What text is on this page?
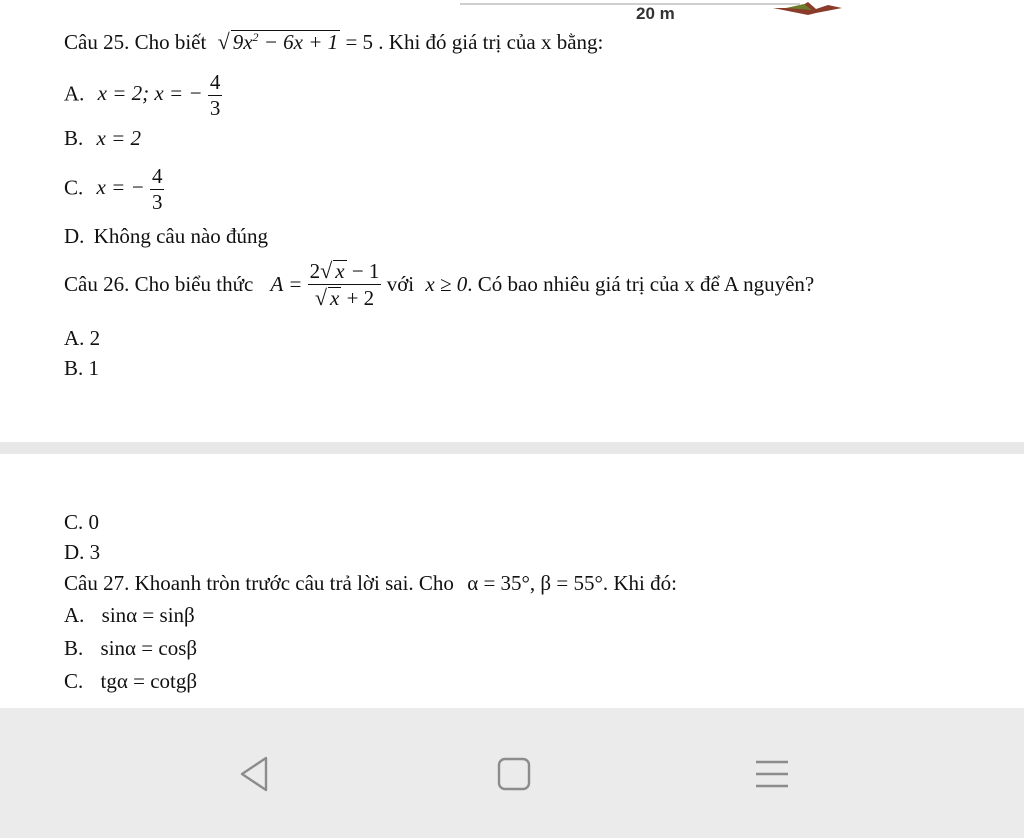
20 m
Câu 25. Cho biết √ $9x^2 - 6x + 1 = 5$ . Khi đó giá trị của x bằng:
A. x = 2; x = − $\frac{4}{3}$
B. x = 2
C. x = − $\frac{4}{3}$
D. Không câu nào đúng
Câu 26. Cho biểu thức $A = \frac{2√ x - 1}{√ x + 2}$ với x ≥ 0. Có bao nhiêu giá trị của x để A nguyên?
A. 2
B. 1
C. 0
D. 3
Câu 27. Khoanh tròn trước câu trả lời sai. Cho α = 35°, β = 55°. Khi đó:
A. sinα = sinβ
B. sinα = cosβ
C. tgα = cotgβ
